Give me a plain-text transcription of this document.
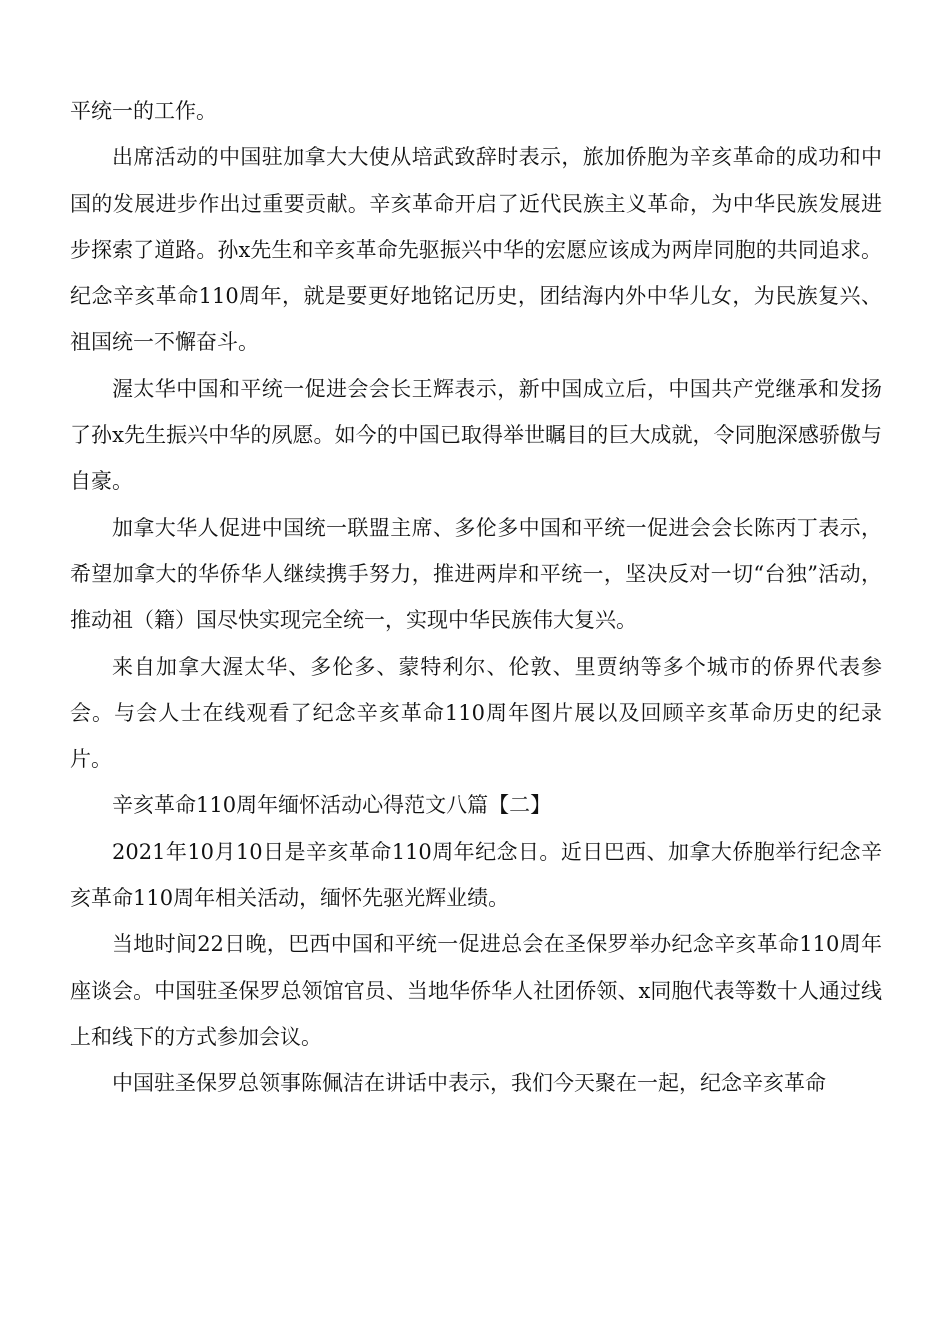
平统一的工作。

出席活动的中国驻加拿大大使从培武致辞时表示，旅加侨胞为辛亥革命的成功和中国的发展进步作出过重要贡献。辛亥革命开启了近代民族主义革命，为中华民族发展进步探索了道路。孙x先生和辛亥革命先驱振兴中华的宏愿应该成为两岸同胞的共同追求。纪念辛亥革命110周年，就是要更好地铭记历史，团结海内外中华儿女，为民族复兴、祖国统一不懈奋斗。

渥太华中国和平统一促进会会长王辉表示，新中国成立后，中国共产党继承和发扬了孙x先生振兴中华的夙愿。如今的中国已取得举世瞩目的巨大成就，令同胞深感骄傲与自豪。

加拿大华人促进中国统一联盟主席、多伦多中国和平统一促进会会长陈丙丁表示，希望加拿大的华侨华人继续携手努力，推进两岸和平统一，坚决反对一切“台独”活动，推动祖（籍）国尽快实现完全统一，实现中华民族伟大复兴。

来自加拿大渥太华、多伦多、蒙特利尔、伦敦、里贾纳等多个城市的侨界代表参会。与会人士在线观看了纪念辛亥革命110周年图片展以及回顾辛亥革命历史的纪录片。

辛亥革命110周年缅怀活动心得范文八篇【二】

2021年10月10日是辛亥革命110周年纪念日。近日巴西、加拿大侨胞举行纪念辛亥革命110周年相关活动，缅怀先驱光辉业绩。

当地时间22日晚，巴西中国和平统一促进总会在圣保罗举办纪念辛亥革命110周年座谈会。中国驻圣保罗总领馆官员、当地华侨华人社团侨领、x同胞代表等数十人通过线上和线下的方式参加会议。

中国驻圣保罗总领事陈佩洁在讲话中表示，我们今天聚在一起，纪念辛亥革命
